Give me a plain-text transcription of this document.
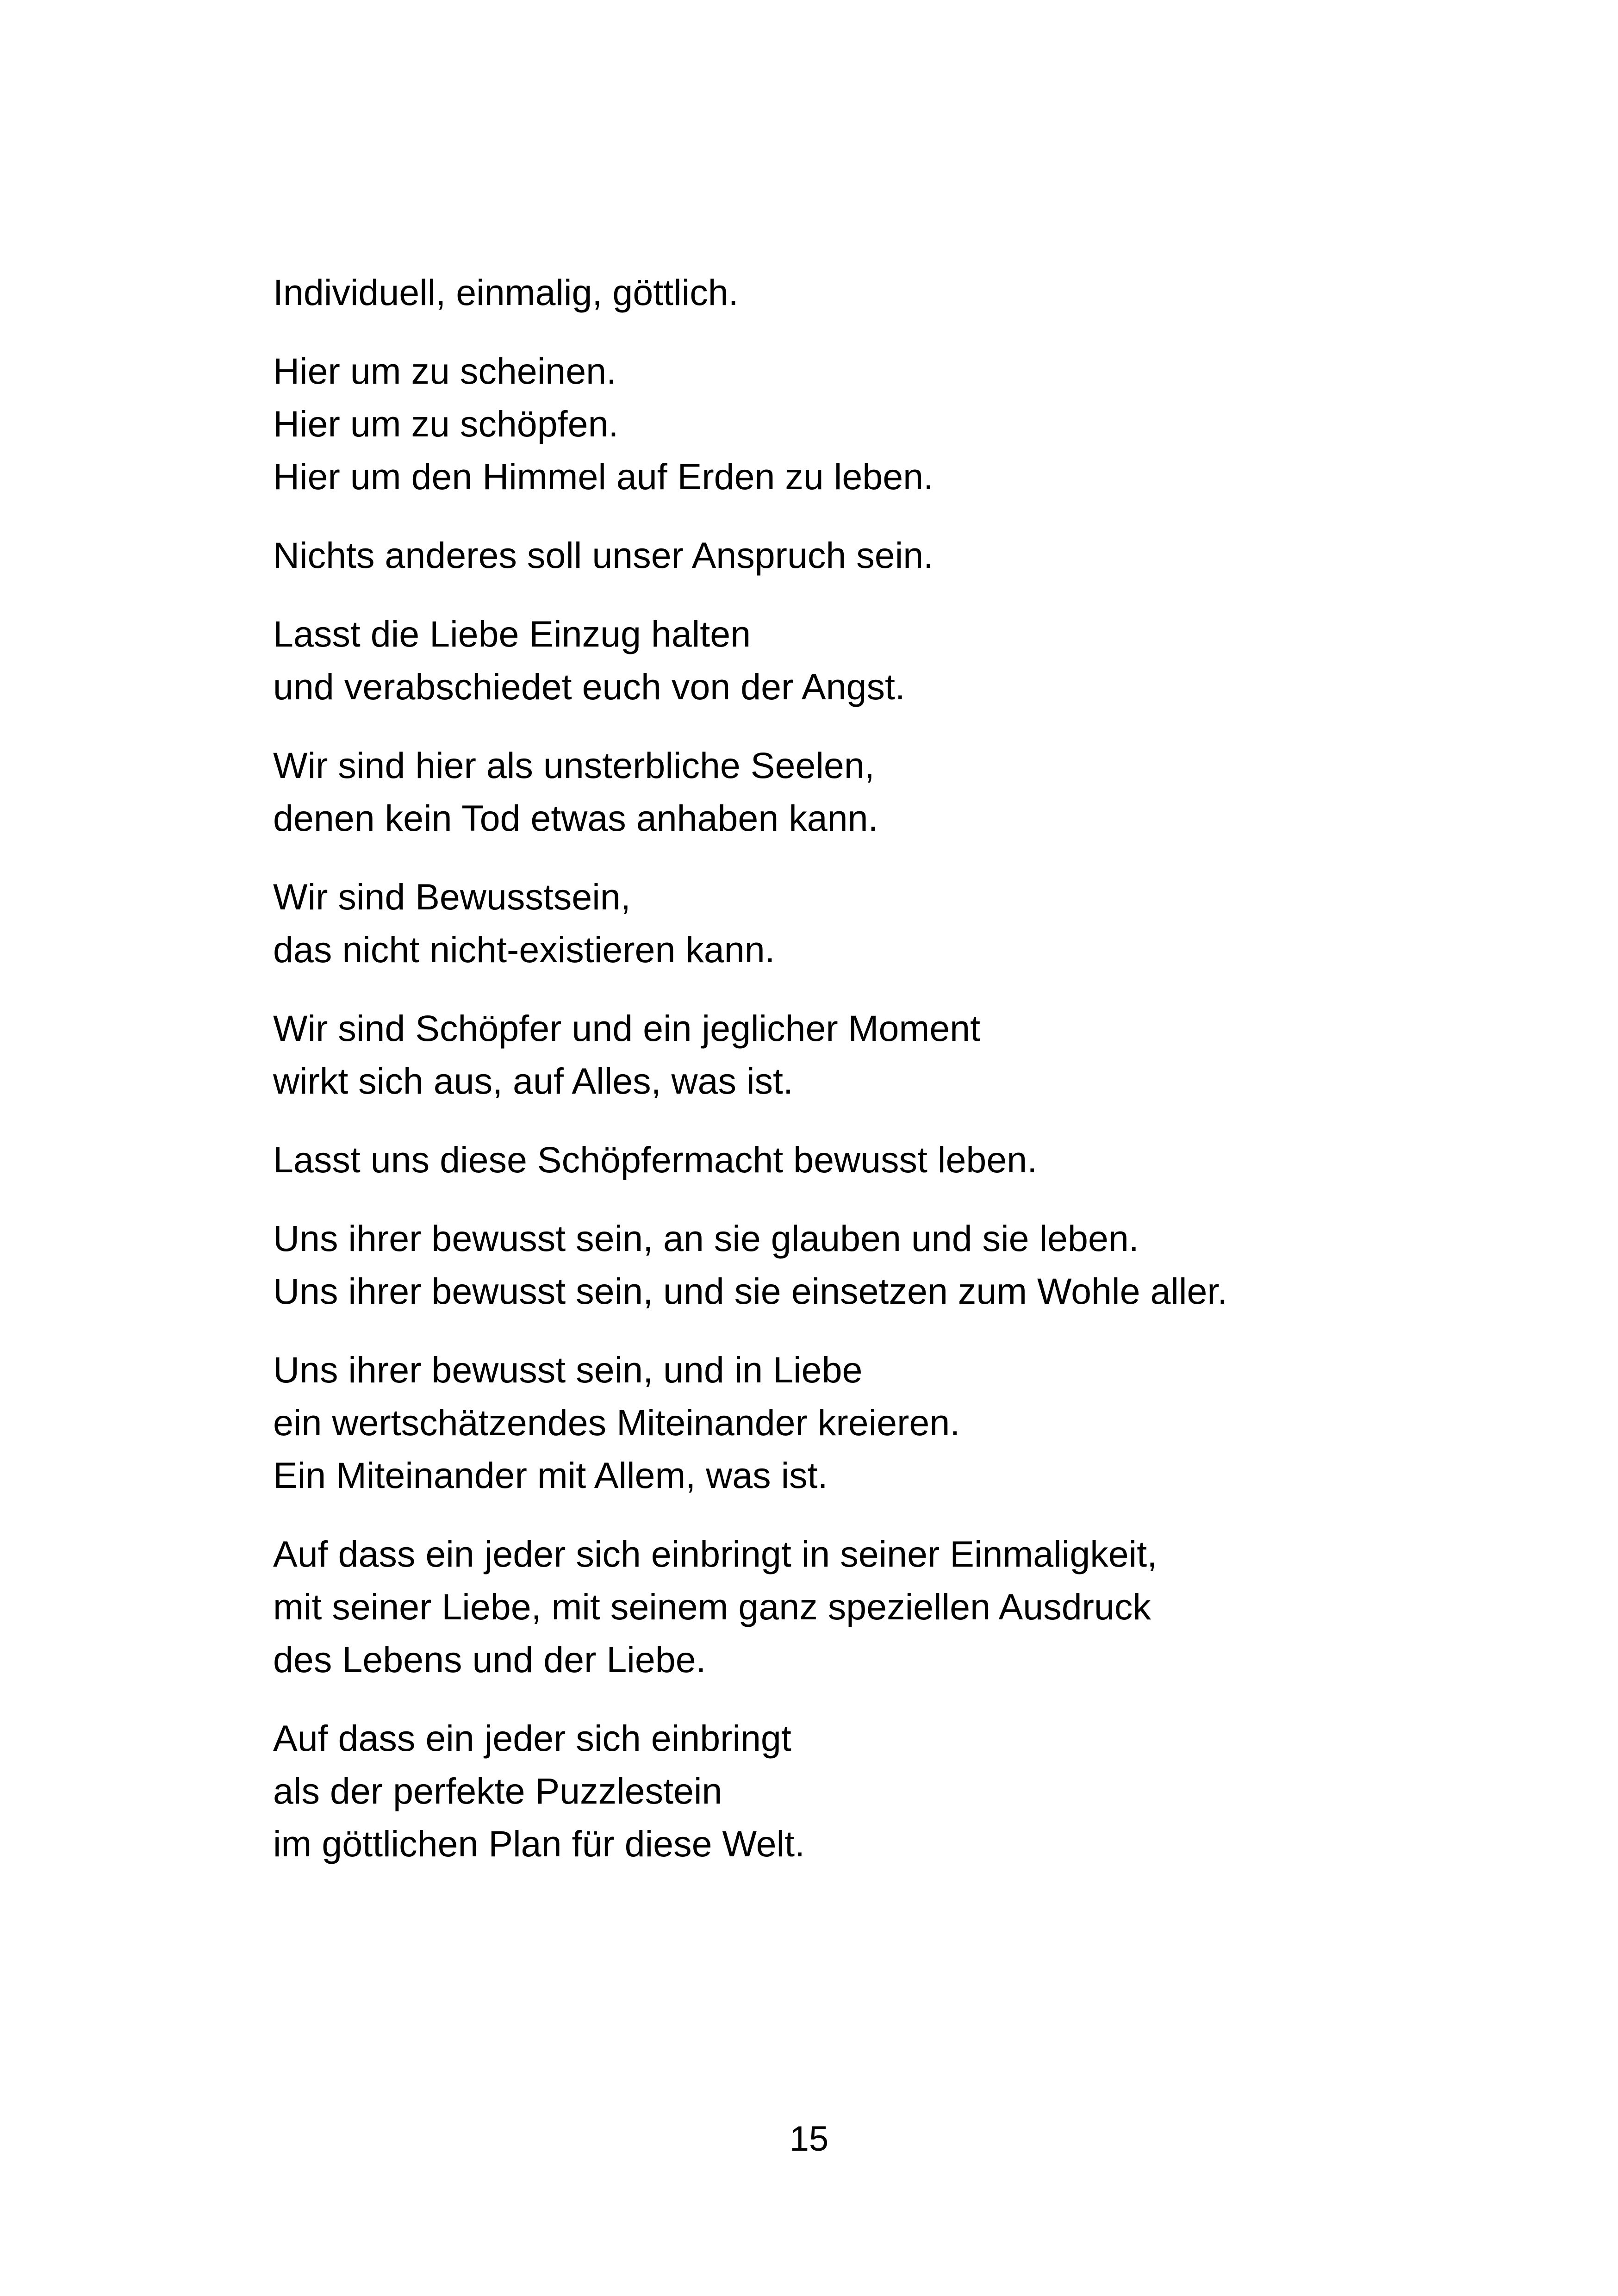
Individuell, einmalig, göttlich.
Hier um zu scheinen.
Hier um zu schöpfen.
Hier um den Himmel auf Erden zu leben.
Nichts anderes soll unser Anspruch sein.
Lasst die Liebe Einzug halten
und verabschiedet euch von der Angst.
Wir sind hier als unsterbliche Seelen,
denen kein Tod etwas anhaben kann.
Wir sind Bewusstsein,
das nicht nicht-existieren kann.
Wir sind Schöpfer und ein jeglicher Moment
wirkt sich aus, auf Alles, was ist.
Lasst uns diese Schöpfermacht bewusst leben.
Uns ihrer bewusst sein, an sie glauben und sie leben.
Uns ihrer bewusst sein, und sie einsetzen zum Wohle aller.
Uns ihrer bewusst sein, und in Liebe
ein wertschätzendes Miteinander kreieren.
Ein Miteinander mit Allem, was ist.
Auf dass ein jeder sich einbringt in seiner Einmaligkeit,
mit seiner Liebe, mit seinem ganz speziellen Ausdruck
des Lebens und der Liebe.
Auf dass ein jeder sich einbringt
als der perfekte Puzzlestein
im göttlichen Plan für diese Welt.
15
